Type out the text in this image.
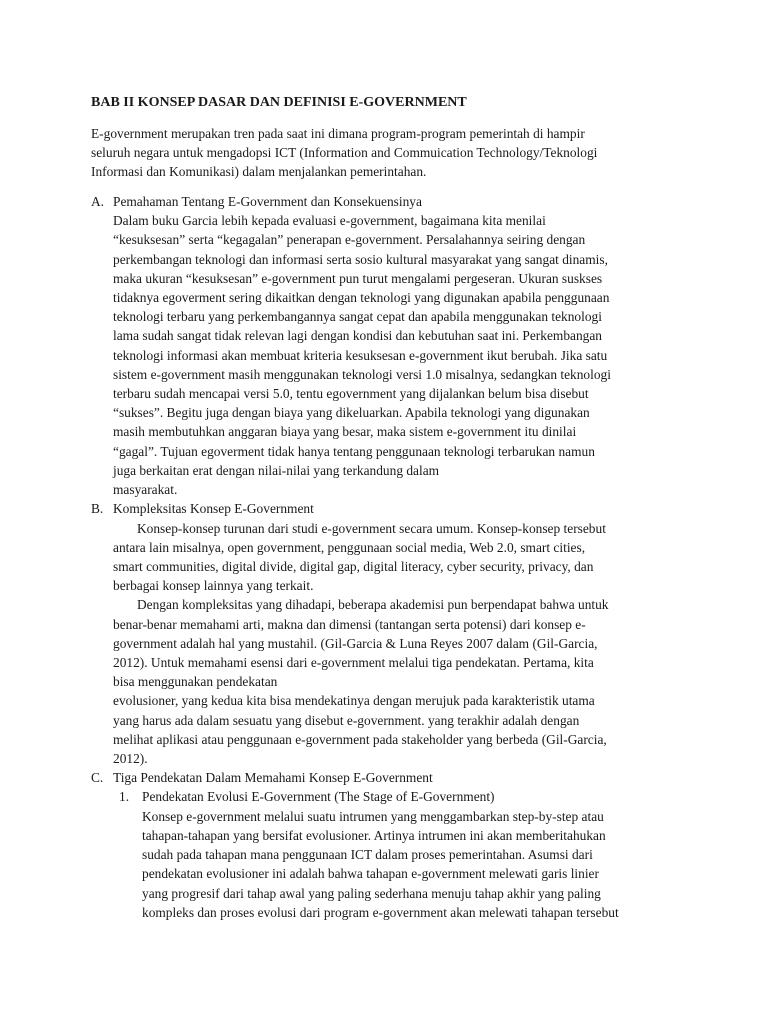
BAB II KONSEP DASAR DAN DEFINISI E-GOVERNMENT
E-government merupakan tren pada saat ini dimana program-program pemerintah di hampir
seluruh negara untuk mengadopsi ICT (Information and Commuication Technology/Teknologi
Informasi dan Komunikasi) dalam menjalankan pemerintahan.
A. Pemahaman Tentang E-Government dan Konsekuensinya
Dalam buku Garcia lebih kepada evaluasi e-government, bagaimana kita menilai
“kesuksesan” serta “kegagalan” penerapan e-government. Persalahannya seiring dengan
perkembangan teknologi dan informasi serta sosio kultural masyarakat yang sangat dinamis,
maka ukuran “kesuksesan” e-government pun turut mengalami pergeseran. Ukuran suskses
tidaknya egoverment sering dikaitkan dengan teknologi yang digunakan apabila penggunaan
teknologi terbaru yang perkembangannya sangat cepat dan apabila menggunakan teknologi
lama sudah sangat tidak relevan lagi dengan kondisi dan kebutuhan saat ini. Perkembangan
teknologi informasi akan membuat kriteria kesuksesan e-government ikut berubah. Jika satu
sistem e-government masih menggunakan teknologi versi 1.0 misalnya, sedangkan teknologi
terbaru sudah mencapai versi 5.0, tentu egovernment yang dijalankan belum bisa disebut
“sukses”. Begitu juga dengan biaya yang dikeluarkan. Apabila teknologi yang digunakan
masih membutuhkan anggaran biaya yang besar, maka sistem e-government itu dinilai
“gagal”. Tujuan egoverment tidak hanya tentang penggunaan teknologi terbarukan namun
juga berkaitan erat dengan nilai-nilai yang terkandung dalam
masyarakat.
B. Kompleksitas Konsep E-Government
Konsep-konsep turunan dari studi e-government secara umum. Konsep-konsep tersebut
antara lain misalnya, open government, penggunaan social media, Web 2.0, smart cities,
smart communities, digital divide, digital gap, digital literacy, cyber security, privacy, dan
berbagai konsep lainnya yang terkait.
Dengan kompleksitas yang dihadapi, beberapa akademisi pun berpendapat bahwa untuk
benar-benar memahami arti, makna dan dimensi (tantangan serta potensi) dari konsep e-
government adalah hal yang mustahil. (Gil-Garcia & Luna Reyes 2007 dalam (Gil-Garcia,
2012). Untuk memahami esensi dari e-government melalui tiga pendekatan. Pertama, kita
bisa menggunakan pendekatan
evolusioner, yang kedua kita bisa mendekatinya dengan merujuk pada karakteristik utama
yang harus ada dalam sesuatu yang disebut e-government. yang terakhir adalah dengan
melihat aplikasi atau penggunaan e-government pada stakeholder yang berbeda (Gil-Garcia,
2012).
C. Tiga Pendekatan Dalam Memahami Konsep E-Government
1. Pendekatan Evolusi E-Government (The Stage of E-Government)
Konsep e-government melalui suatu intrumen yang menggambarkan step-by-step atau
tahapan-tahapan yang bersifat evolusioner. Artinya intrumen ini akan memberitahukan
sudah pada tahapan mana penggunaan ICT dalam proses pemerintahan. Asumsi dari
pendekatan evolusioner ini adalah bahwa tahapan e-government melewati garis linier
yang progresif dari tahap awal yang paling sederhana menuju tahap akhir yang paling
kompleks dan proses evolusi dari program e-government akan melewati tahapan tersebut
